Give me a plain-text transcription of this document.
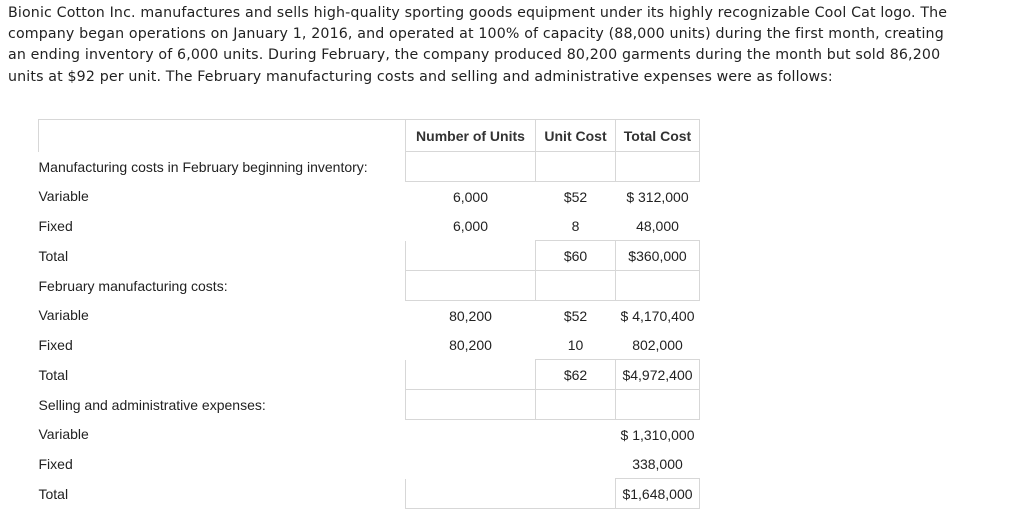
Bionic Cotton Inc. manufactures and sells high-quality sporting goods equipment under its highly recognizable Cool Cat logo. The
company began operations on January 1, 2016, and operated at 100% of capacity (88,000 units) during the first month, creating
an ending inventory of 6,000 units. During February, the company produced 80,200 garments during the month but sold 86,200
units at $92 per unit. The February manufacturing costs and selling and administrative expenses were as follows:
	Number of Units	Unit Cost	Total Cost
Manufacturing costs in February beginning inventory:			
Variable	6,000	$52	$ 312,000
Fixed	6,000	8	48,000
Total		$60	$360,000
February manufacturing costs:			
Variable	80,200	$52	$ 4,170,400
Fixed	80,200	10	802,000
Total		$62	$4,972,400
Selling and administrative expenses:			
Variable			$ 1,310,000
Fixed			338,000
Total			$1,648,000
